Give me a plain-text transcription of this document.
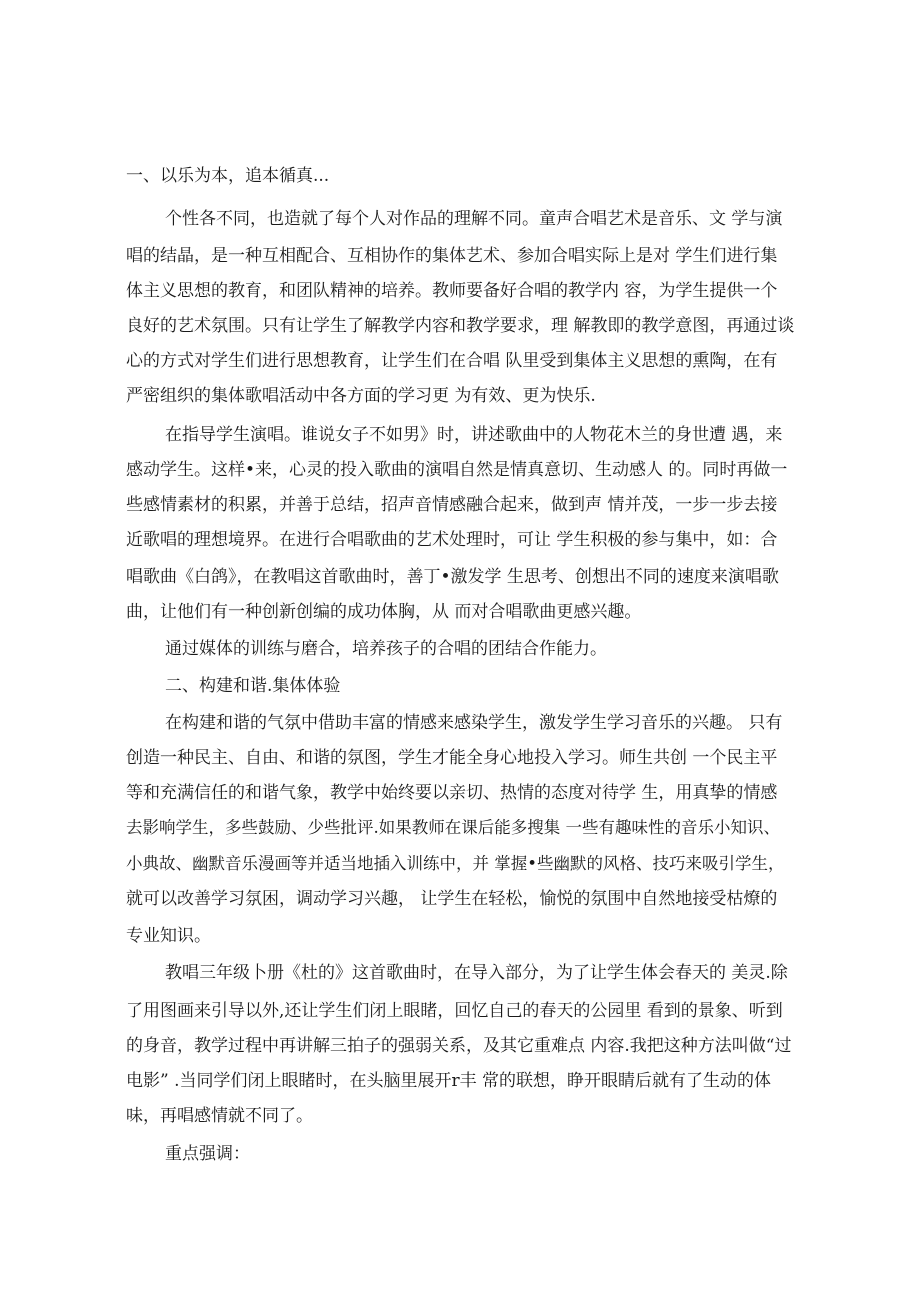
一、以乐为本，追本循真...
个性各不同，也造就了每个人对作品的理解不同。童声合唱艺术是音乐、文 学与演
唱的结晶，是一种互相配合、互相协作的集体艺术、参加合唱实际上是对 学生们进行集
体主义思想的教育，和团队精神的培养。教师要备好合唱的教学内 容，为学生提供一个
良好的艺术氛围。只有让学生了解教学内容和教学要求，理 解教即的教学意图，再通过谈
心的方式对学生们进行思想教育，让学生们在合唱 队里受到集体主义思想的熏陶，在有
严密组织的集体歌唱活动中各方面的学习更 为有效、更为快乐.
在指导学生演唱。谁说女子不如男》时，讲述歌曲中的人物花木兰的身世遭 遇，来
感动学生。这样•来，心灵的投入歌曲的演唱自然是情真意切、生动感人 的。同时再做一
些感情素材的积累，并善于总结，招声音情感融合起来，做到声 情并茂，一步一步去接
近歌唱的理想境界。在进行合唱歌曲的艺术处理时，可让 学生积极的参与集中，如：合
唱歌曲《白鸽》，在教唱这首歌曲时，善丁•激发学 生思考、创想出不同的速度来演唱歌
曲，让他们有一种创新创编的成功体胸，从 而对合唱歌曲更感兴趣。
通过媒体的训练与磨合，培养孩子的合唱的团结合作能力。
二、构建和谐.集体体验
在构建和谐的气氛中借助丰富的情感来感染学生，激发学生学习音乐的兴趣。 只有
创造一种民主、自由、和谐的氛图，学生才能全身心地投入学习。师生共创 一个民主平
等和充满信任的和谐气象，教学中始终要以亲切、热情的态度对待学 生，用真挚的情感
去影响学生，多些鼓励、少些批评.如果教师在课后能多搜集 一些有趣味性的音乐小知识、
小典故、幽默音乐漫画等并适当地插入训练中，并 掌握•些幽默的风格、技巧来吸引学生，
就可以改善学习氛困，调动学习兴趣， 让学生在轻松，愉悦的氛围中自然地接受枯燎的
专业知识。
教唱三年级卜册《杜的》这首歌曲时，在导入部分，为了让学生体会春天的 美灵.除
了用图画来引导以外,还让学生们闭上眼睹，回忆自己的春天的公园里 看到的景象、听到
的身音，教学过程中再讲解三拍子的强弱关系，及其它重难点 内容.我把这种方法叫做“过
电影” .当同学们闭上眼睹时，在头脑里展开r丰 常的联想，睁开眼睛后就有了生动的体
味，再唱感情就不同了。
重点强调：
